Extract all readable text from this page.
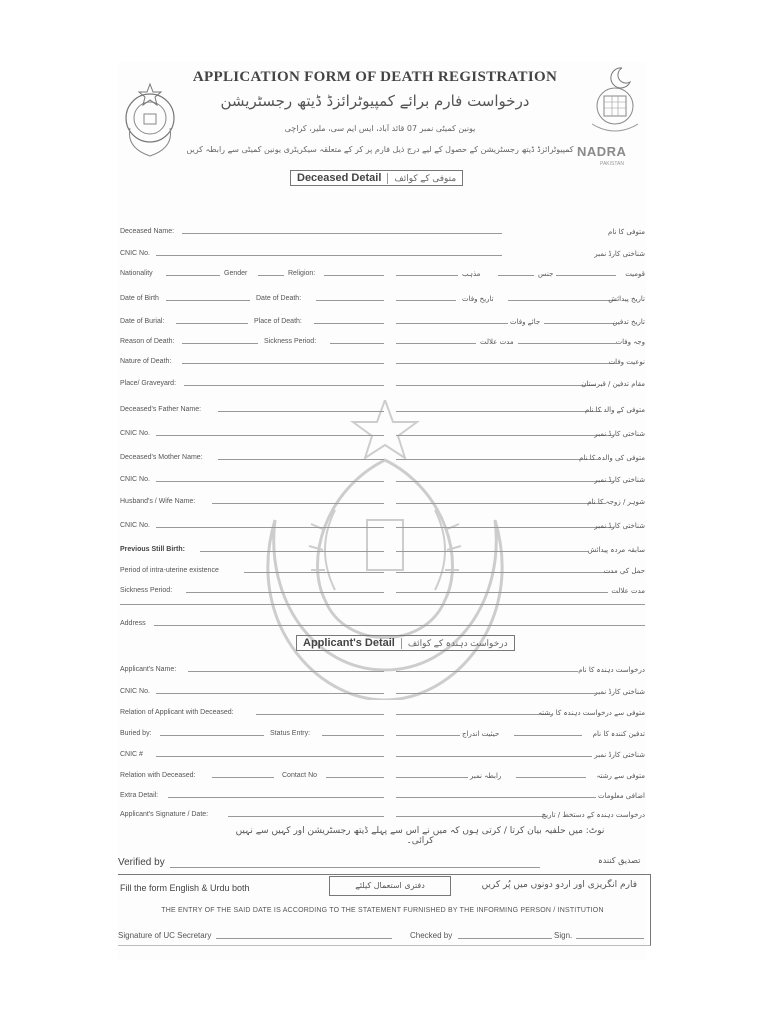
APPLICATION FORM OF DEATH REGISTRATION
درخواست فارم برائے کمپیوٹرائزڈ ڈیتھ رجسٹریشن
یونین کمیٹی نمبر 07 قائد آباد، ایس ایم سی، ملیر، کراچی
کمپیوٹرائزڈ ڈیتھ رجسٹریشن کے حصول کے لیے درج ذیل فارم پر کر کے متعلقہ سیکریٹری یونین کمیٹی سے رابطہ کریں NADRA
PAKISTAN
Deceased Detail	متوفی کے کوائف
Deceased Name:	متوفی کا نام
CNIC No.	شناختی کارڈ نمبر
Nationality	Gender	Religion:	مذہب	جنس	قومیت
Date of Birth	Date of Death:	تاریخ وفات	تاریخ پیدائش
Date of Burial:	Place of Death:	جائے وفات	تاریخ تدفین
Reason of Death:	Sickness Period:	مدت علالت	وجہ وفات
Nature of Death:	نوعیت وفات
Place/ Graveyard:	مقام تدفین / قبرستان
Deceased's Father Name:	متوفی کے والد کا نام
CNIC No.	شناختی کارڈ نمبر
Deceased's Mother Name:	متوفی کی والدہ کا نام
CNIC No.	شناختی کارڈ نمبر
Husband's / Wife Name:	شوہر / زوجہ کا نام
CNIC No.	شناختی کارڈ نمبر
Previous Still Birth:	سابقہ مردہ پیدائش
Period of intra-uterine existence	حمل کی مدت
Sickness Period:	مدت علالت
Address
Applicant's Detail	درخواست دہندہ کے کوائف
Applicant's Name:	درخواست دہندہ کا نام
CNIC No.	شناختی کارڈ نمبر
Relation of Applicant with Deceased:	متوفی سے درخواست دہندہ کا رشتہ
Buried by:	Status Entry:	حیثیت اندراج	تدفین کنندہ کا نام
CNIC #	شناختی کارڈ نمبر
Relation with Deceased:	Contact No	رابطہ نمبر	متوفی سے رشتہ
Extra Detail:	اضافی معلومات
Applicant's Signature / Date:	درخواست دہندہ کے دستخط / تاریخ
نوٹ: میں حلفیہ بیان کرتا / کرتی ہوں کہ میں نے اس سے پہلے ڈیتھ رجسٹریشن اور کہیں سے نہیں کرائی۔
Verified by	تصدیق کنندہ
Fill the form English & Urdu both	دفتری استعمال کیلئے	فارم انگریزی اور اردو دونوں میں پُر کریں
THE ENTRY OF THE SAID DATE IS ACCORDING TO THE STATEMENT FURNISHED BY THE INFORMING PERSON / INSTITUTION
Signature of UC Secretary	Checked by	Sign.
